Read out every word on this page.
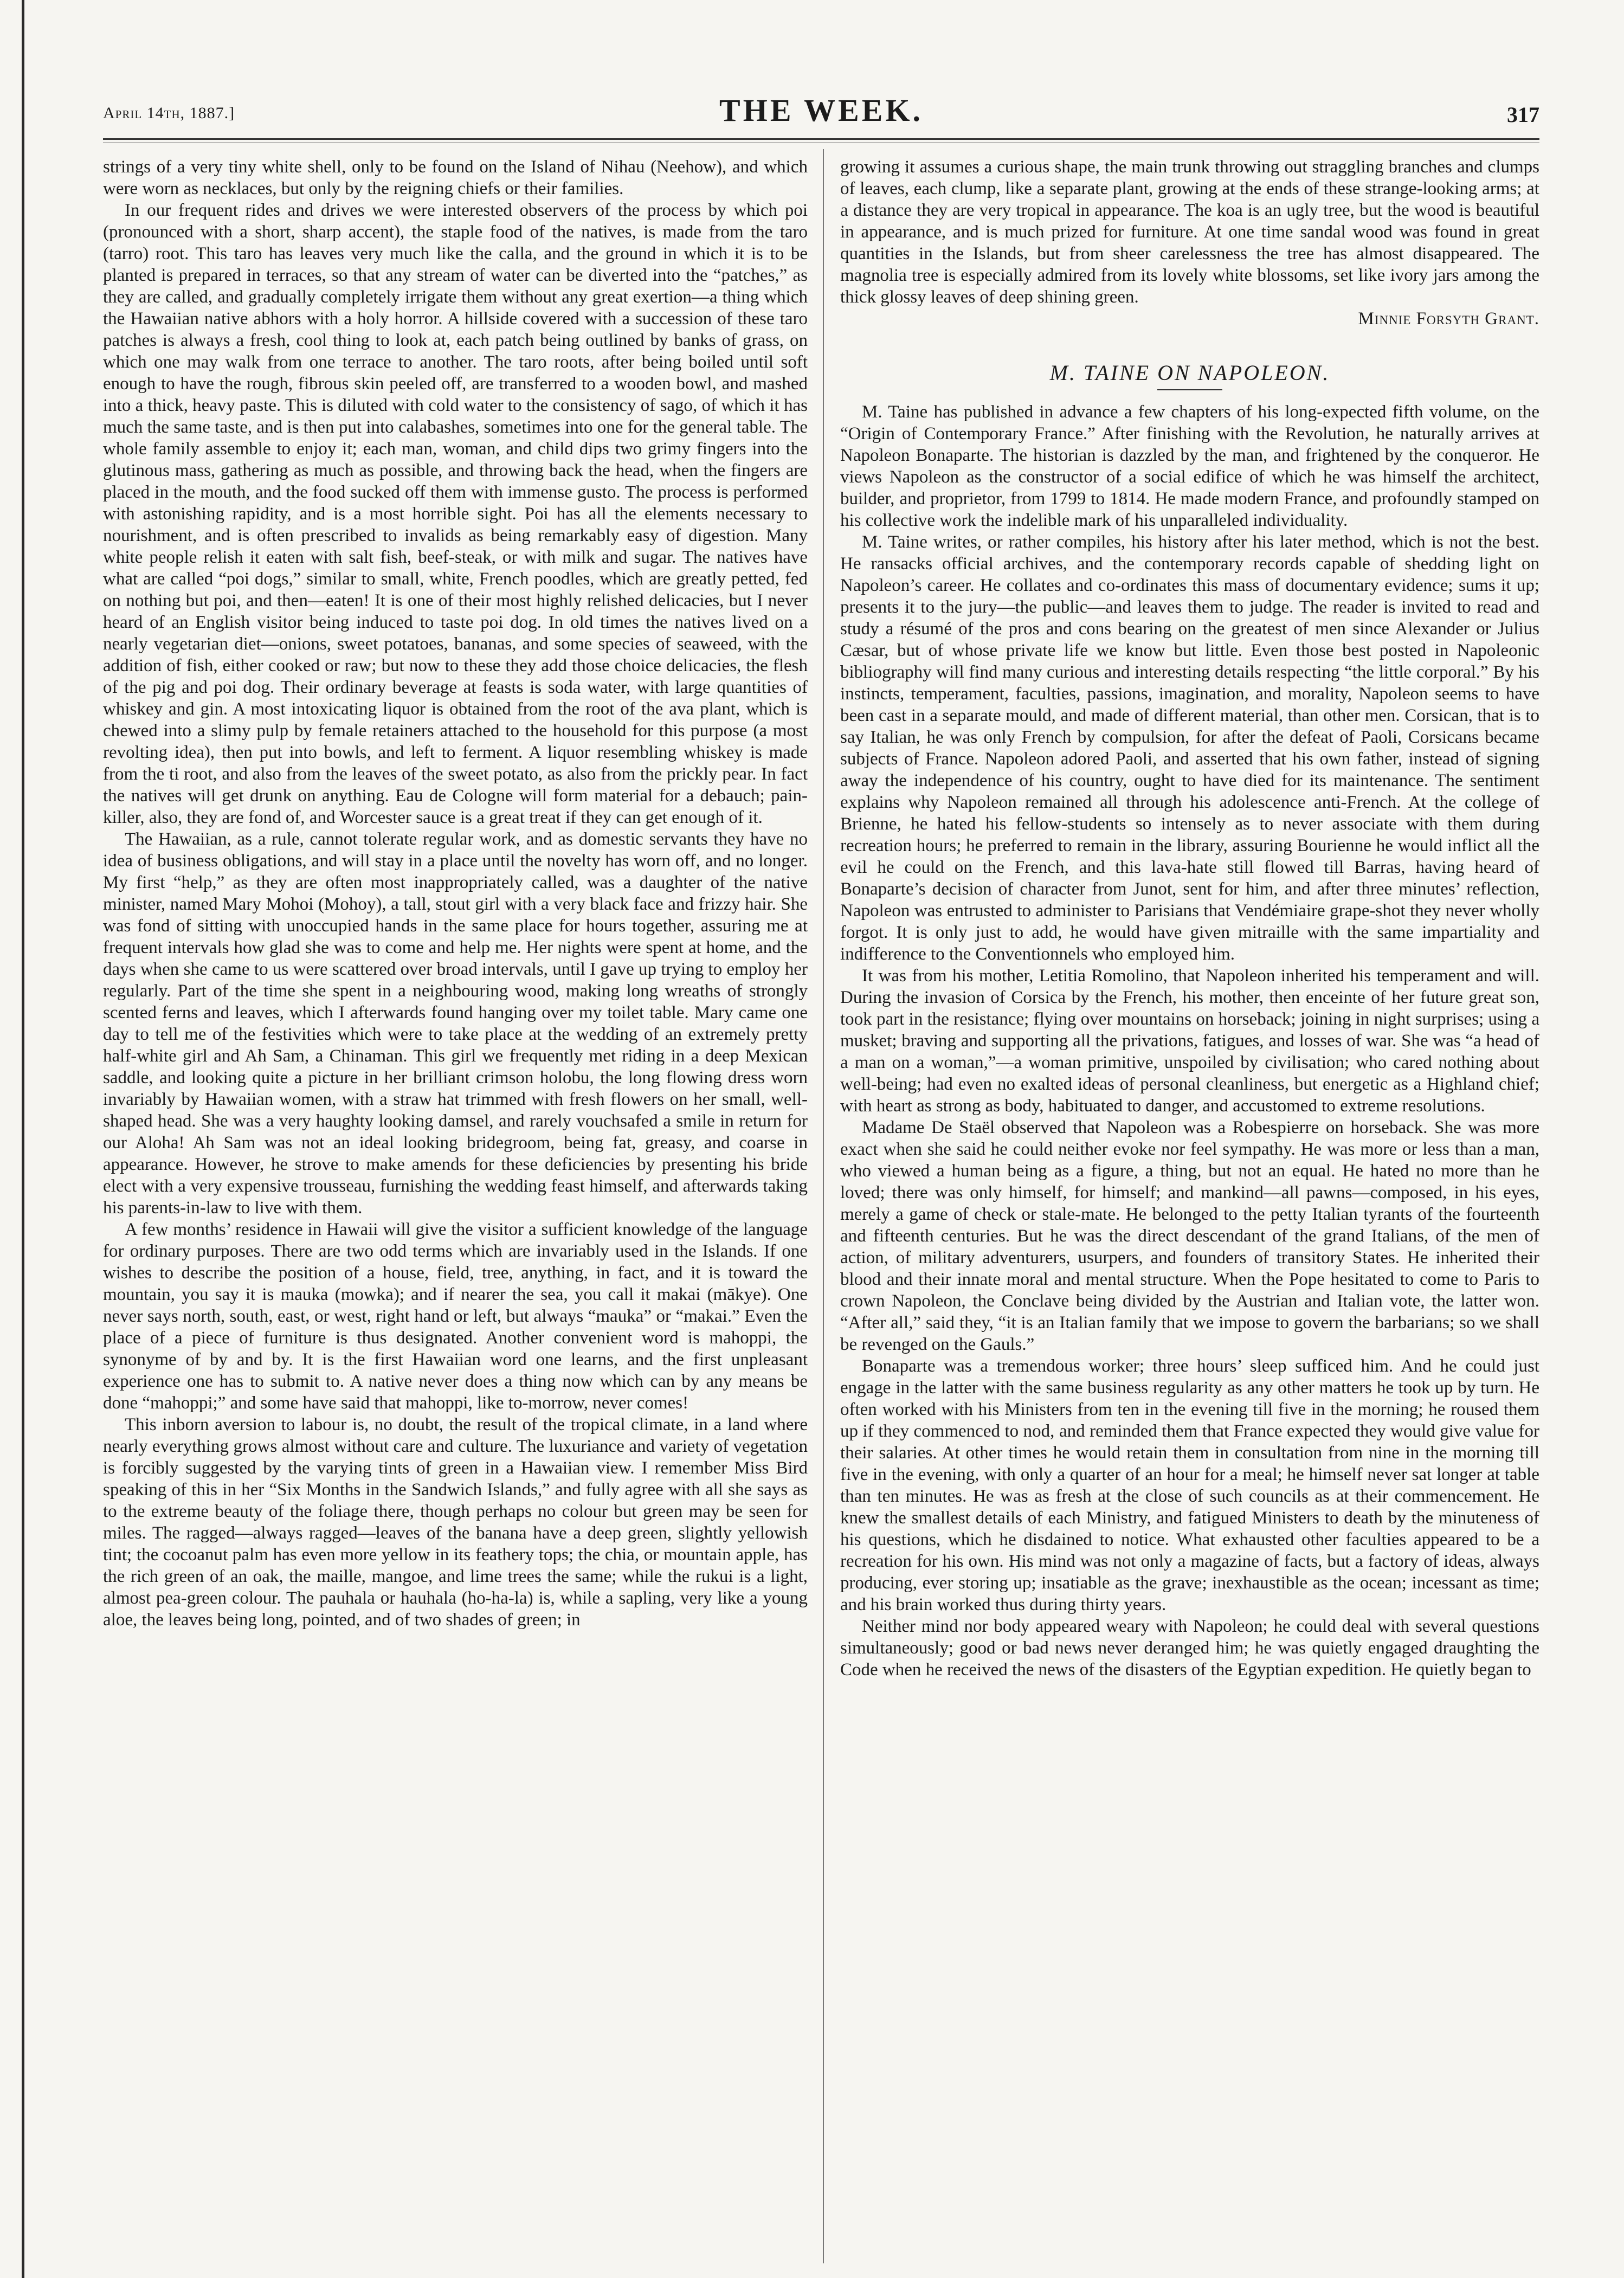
April 14th, 1887.]	THE WEEK.	317

strings of a very tiny white shell, only to be found on the Island of Nihau (Neehow), and which were worn as necklaces, but only by the reigning chiefs or their families.

In our frequent rides and drives we were interested observers of the process by which poi (pronounced with a short, sharp accent), the staple food of the natives, is made from the taro (tarro) root. This taro has leaves very much like the calla, and the ground in which it is to be planted is prepared in terraces, so that any stream of water can be diverted into the “patches,” as they are called, and gradually completely irrigate them without any great exertion—a thing which the Hawaiian native abhors with a holy horror. A hillside covered with a succession of these taro patches is always a fresh, cool thing to look at, each patch being outlined by banks of grass, on which one may walk from one terrace to another. The taro roots, after being boiled until soft enough to have the rough, fibrous skin peeled off, are transferred to a wooden bowl, and mashed into a thick, heavy paste. This is diluted with cold water to the consistency of sago, of which it has much the same taste, and is then put into calabashes, sometimes into one for the general table. The whole family assemble to enjoy it; each man, woman, and child dips two grimy fingers into the glutinous mass, gathering as much as possible, and throwing back the head, when the fingers are placed in the mouth, and the food sucked off them with immense gusto. The process is performed with astonishing rapidity, and is a most horrible sight. Poi has all the elements necessary to nourishment, and is often prescribed to invalids as being remarkably easy of digestion. Many white people relish it eaten with salt fish, beef-steak, or with milk and sugar. The natives have what are called “poi dogs,” similar to small, white, French poodles, which are greatly petted, fed on nothing but poi, and then—eaten! It is one of their most highly relished delicacies, but I never heard of an English visitor being induced to taste poi dog. In old times the natives lived on a nearly vegetarian diet—onions, sweet potatoes, bananas, and some species of seaweed, with the addition of fish, either cooked or raw; but now to these they add those choice delicacies, the flesh of the pig and poi dog. Their ordinary beverage at feasts is soda water, with large quantities of whiskey and gin. A most intoxicating liquor is obtained from the root of the ava plant, which is chewed into a slimy pulp by female retainers attached to the household for this purpose (a most revolting idea), then put into bowls, and left to ferment. A liquor resembling whiskey is made from the ti root, and also from the leaves of the sweet potato, as also from the prickly pear. In fact the natives will get drunk on anything. Eau de Cologne will form material for a debauch; pain-killer, also, they are fond of, and Worcester sauce is a great treat if they can get enough of it.

The Hawaiian, as a rule, cannot tolerate regular work, and as domestic servants they have no idea of business obligations, and will stay in a place until the novelty has worn off, and no longer. My first “help,” as they are often most inappropriately called, was a daughter of the native minister, named Mary Mohoi (Mohoy), a tall, stout girl with a very black face and frizzy hair. She was fond of sitting with unoccupied hands in the same place for hours together, assuring me at frequent intervals how glad she was to come and help me. Her nights were spent at home, and the days when she came to us were scattered over broad intervals, until I gave up trying to employ her regularly. Part of the time she spent in a neighbouring wood, making long wreaths of strongly scented ferns and leaves, which I afterwards found hanging over my toilet table. Mary came one day to tell me of the festivities which were to take place at the wedding of an extremely pretty half-white girl and Ah Sam, a Chinaman. This girl we frequently met riding in a deep Mexican saddle, and looking quite a picture in her brilliant crimson holobu, the long flowing dress worn invariably by Hawaiian women, with a straw hat trimmed with fresh flowers on her small, well-shaped head. She was a very haughty looking damsel, and rarely vouchsafed a smile in return for our Aloha! Ah Sam was not an ideal looking bridegroom, being fat, greasy, and coarse in appearance. However, he strove to make amends for these deficiencies by presenting his bride elect with a very expensive trousseau, furnishing the wedding feast himself, and afterwards taking his parents-in-law to live with them.

A few months’ residence in Hawaii will give the visitor a sufficient knowledge of the language for ordinary purposes. There are two odd terms which are invariably used in the Islands. If one wishes to describe the position of a house, field, tree, anything, in fact, and it is toward the mountain, you say it is mauka (mowka); and if nearer the sea, you call it makai (mākye). One never says north, south, east, or west, right hand or left, but always “mauka” or “makai.” Even the place of a piece of furniture is thus designated. Another convenient word is mahoppi, the synonyme of by and by. It is the first Hawaiian word one learns, and the first unpleasant experience one has to submit to. A native never does a thing now which can by any means be done “mahoppi;” and some have said that mahoppi, like to-morrow, never comes!

This inborn aversion to labour is, no doubt, the result of the tropical climate, in a land where nearly everything grows almost without care and culture. The luxuriance and variety of vegetation is forcibly suggested by the varying tints of green in a Hawaiian view. I remember Miss Bird speaking of this in her “Six Months in the Sandwich Islands,” and fully agree with all she says as to the extreme beauty of the foliage there, though perhaps no colour but green may be seen for miles. The ragged—always ragged—leaves of the banana have a deep green, slightly yellowish tint; the cocoanut palm has even more yellow in its feathery tops; the chia, or mountain apple, has the rich green of an oak, the maille, mangoe, and lime trees the same; while the rukui is a light, almost pea-green colour. The pauhala or hauhala (ho-ha-la) is, while a sapling, very like a young aloe, the leaves being long, pointed, and of two shades of green; in

growing it assumes a curious shape, the main trunk throwing out straggling branches and clumps of leaves, each clump, like a separate plant, growing at the ends of these strange-looking arms; at a distance they are very tropical in appearance. The koa is an ugly tree, but the wood is beautiful in appearance, and is much prized for furniture. At one time sandal wood was found in great quantities in the Islands, but from sheer carelessness the tree has almost disappeared. The magnolia tree is especially admired from its lovely white blossoms, set like ivory jars among the thick glossy leaves of deep shining green.

Minnie Forsyth Grant.
M. TAINE ON NAPOLEON.

M. Taine has published in advance a few chapters of his long-expected fifth volume, on the “Origin of Contemporary France.” After finishing with the Revolution, he naturally arrives at Napoleon Bonaparte. The historian is dazzled by the man, and frightened by the conqueror. He views Napoleon as the constructor of a social edifice of which he was himself the architect, builder, and proprietor, from 1799 to 1814. He made modern France, and profoundly stamped on his collective work the indelible mark of his unparalleled individuality.

M. Taine writes, or rather compiles, his history after his later method, which is not the best. He ransacks official archives, and the contemporary records capable of shedding light on Napoleon’s career. He collates and co-ordinates this mass of documentary evidence; sums it up; presents it to the jury—the public—and leaves them to judge. The reader is invited to read and study a résumé of the pros and cons bearing on the greatest of men since Alexander or Julius Cæsar, but of whose private life we know but little. Even those best posted in Napoleonic bibliography will find many curious and interesting details respecting “the little corporal.” By his instincts, temperament, faculties, passions, imagination, and morality, Napoleon seems to have been cast in a separate mould, and made of different material, than other men. Corsican, that is to say Italian, he was only French by compulsion, for after the defeat of Paoli, Corsicans became subjects of France. Napoleon adored Paoli, and asserted that his own father, instead of signing away the independence of his country, ought to have died for its maintenance. The sentiment explains why Napoleon remained all through his adolescence anti-French. At the college of Brienne, he hated his fellow-students so intensely as to never associate with them during recreation hours; he preferred to remain in the library, assuring Bourienne he would inflict all the evil he could on the French, and this lava-hate still flowed till Barras, having heard of Bonaparte’s decision of character from Junot, sent for him, and after three minutes’ reflection, Napoleon was entrusted to administer to Parisians that Vendémiaire grape-shot they never wholly forgot. It is only just to add, he would have given mitraille with the same impartiality and indifference to the Conventionnels who employed him.

It was from his mother, Letitia Romolino, that Napoleon inherited his temperament and will. During the invasion of Corsica by the French, his mother, then enceinte of her future great son, took part in the resistance; flying over mountains on horseback; joining in night surprises; using a musket; braving and supporting all the privations, fatigues, and losses of war. She was “a head of a man on a woman,”—a woman primitive, unspoiled by civilisation; who cared nothing about well-being; had even no exalted ideas of personal cleanliness, but energetic as a Highland chief; with heart as strong as body, habituated to danger, and accustomed to extreme resolutions.

Madame De Staël observed that Napoleon was a Robespierre on horseback. She was more exact when she said he could neither evoke nor feel sympathy. He was more or less than a man, who viewed a human being as a figure, a thing, but not an equal. He hated no more than he loved; there was only himself, for himself; and mankind—all pawns—composed, in his eyes, merely a game of check or stale-mate. He belonged to the petty Italian tyrants of the fourteenth and fifteenth centuries. But he was the direct descendant of the grand Italians, of the men of action, of military adventurers, usurpers, and founders of transitory States. He inherited their blood and their innate moral and mental structure. When the Pope hesitated to come to Paris to crown Napoleon, the Conclave being divided by the Austrian and Italian vote, the latter won. “After all,” said they, “it is an Italian family that we impose to govern the barbarians; so we shall be revenged on the Gauls.”

Bonaparte was a tremendous worker; three hours’ sleep sufficed him. And he could just engage in the latter with the same business regularity as any other matters he took up by turn. He often worked with his Ministers from ten in the evening till five in the morning; he roused them up if they commenced to nod, and reminded them that France expected they would give value for their salaries. At other times he would retain them in consultation from nine in the morning till five in the evening, with only a quarter of an hour for a meal; he himself never sat longer at table than ten minutes. He was as fresh at the close of such councils as at their commencement. He knew the smallest details of each Ministry, and fatigued Ministers to death by the minuteness of his questions, which he disdained to notice. What exhausted other faculties appeared to be a recreation for his own. His mind was not only a magazine of facts, but a factory of ideas, always producing, ever storing up; insatiable as the grave; inexhaustible as the ocean; incessant as time; and his brain worked thus during thirty years.

Neither mind nor body appeared weary with Napoleon; he could deal with several questions simultaneously; good or bad news never deranged him; he was quietly engaged draughting the Code when he received the news of the disasters of the Egyptian expedition. He quietly began to
